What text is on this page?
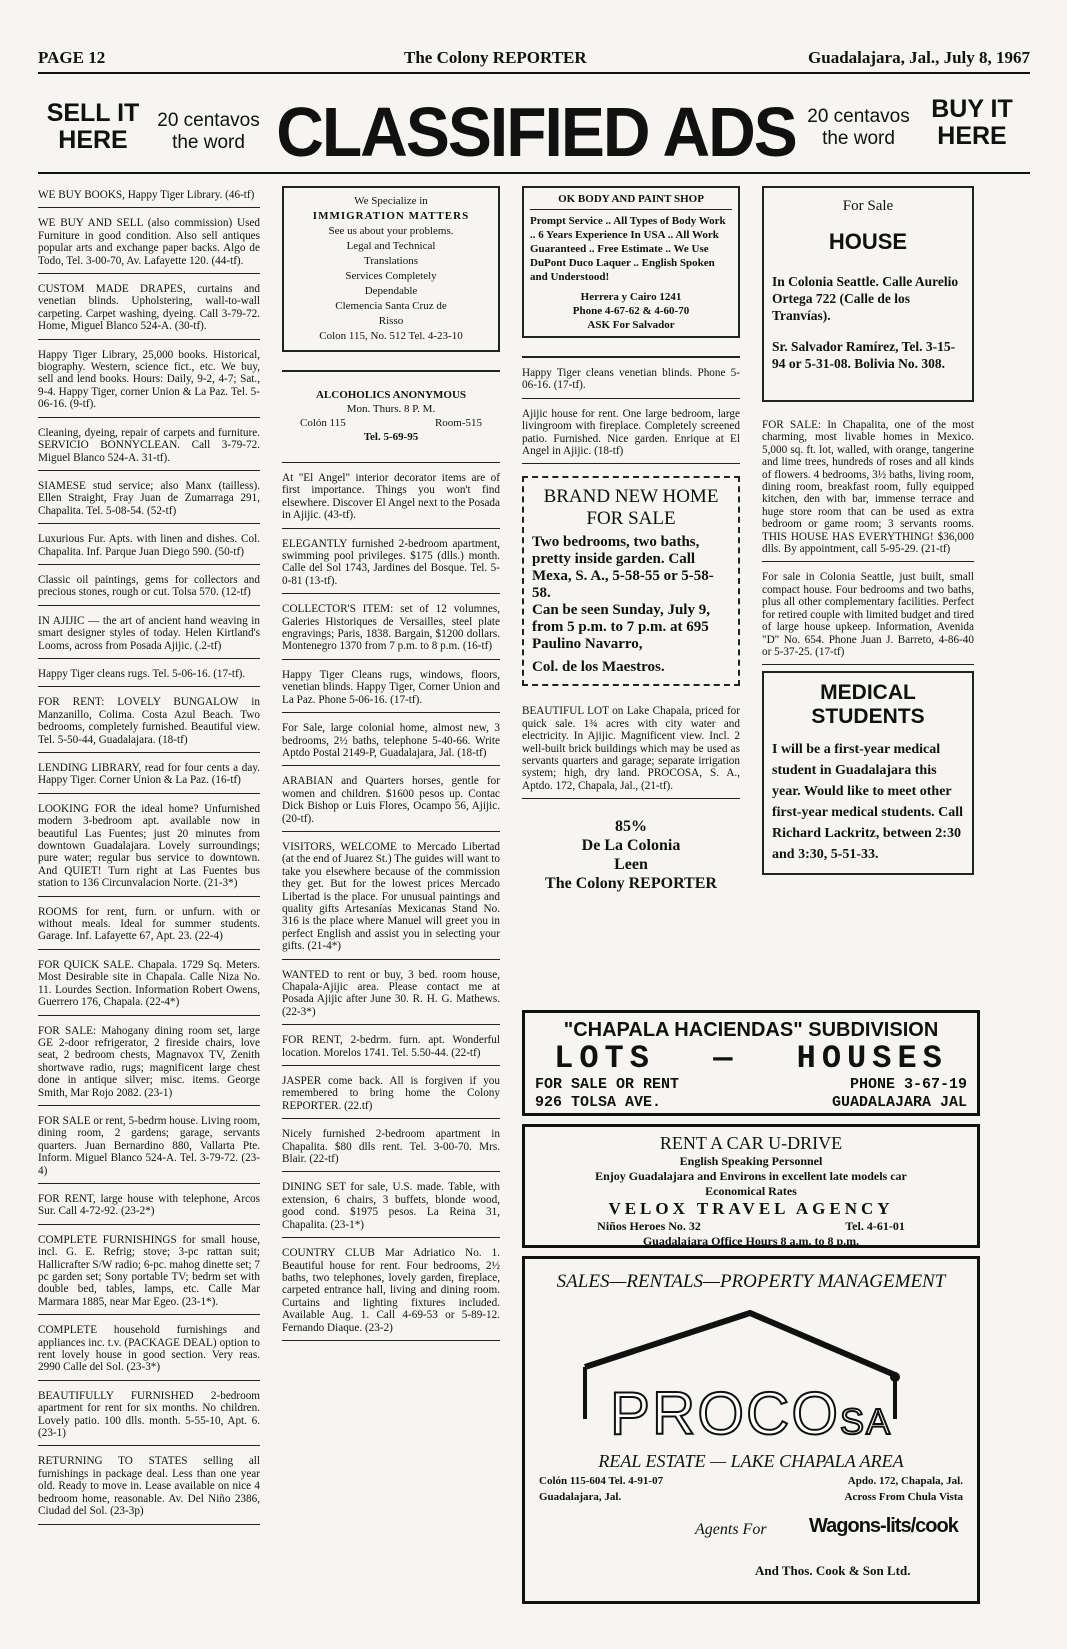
PAGE 12	The Colony REPORTER	Guadalajara, Jal., July 8, 1967
SELL IT
HERE
20 centavos
the word CLASSIFIED ADS 20 centavos
the word
BUY IT
HERE
WE BUY BOOKS, Happy Tiger Library. (46-tf)
WE BUY AND SELL (also commission) Used Furniture in good condition. Also sell antiques popular arts and exchange paper backs. Algo de Todo, Tel. 3-00-70, Av. Lafayette 120. (44-tf).
CUSTOM MADE DRAPES, curtains and venetian blinds. Upholstering, wall-to-wall carpeting. Carpet washing, dyeing. Call 3-79-72. Home, Miguel Blanco 524-A. (30-tf).
Happy Tiger Library, 25,000 books. Historical, biography. Western, science fict., etc. We buy, sell and lend books. Hours: Daily, 9-2, 4-7; Sat., 9-4. Happy Tiger, corner Union & La Paz. Tel. 5-06-16. (9-tf).
Cleaning, dyeing, repair of carpets and furniture. SERVICIO BONNYCLEAN. Call 3-79-72. Miguel Blanco 524-A. 31-tf).
SIAMESE stud service; also Manx (tailless). Ellen Straight, Fray Juan de Zumarraga 291, Chapalita. Tel. 5-08-54. (52-tf)
Luxurious Fur. Apts. with linen and dishes. Col. Chapalita. Inf. Parque Juan Diego 590. (50-tf)
Classic oil paintings, gems for collectors and precious stones, rough or cut. Tolsa 570. (12-tf)
IN AJIJIC — the art of ancient hand weaving in smart designer styles of today. Helen Kirtland's Looms, across from Posada Ajijic. (.2-tf)
Happy Tiger cleans rugs. Tel. 5-06-16. (17-tf).
FOR RENT: LOVELY BUNGALOW in Manzanillo, Colima. Costa Azul Beach. Two bedrooms, completely furnished. Beautiful view. Tel. 5-50-44, Guadalajara. (18-tf)
LENDING LIBRARY, read for four cents a day. Happy Tiger. Corner Union & La Paz. (16-tf)
LOOKING FOR the ideal home? Unfurnished modern 3-bedroom apt. available now in beautiful Las Fuentes; just 20 minutes from downtown Guadalajara. Lovely surroundings; pure water; regular bus service to downtown. And QUIET! Turn right at Las Fuentes bus station to 136 Circunvalacion Norte. (21-3*)
ROOMS for rent, furn. or unfurn. with or without meals. Ideal for summer students. Garage. Inf. Lafayette 67, Apt. 23. (22-4)
FOR QUICK SALE. Chapala. 1729 Sq. Meters. Most Desirable site in Chapala. Calle Niza No. 11. Lourdes Section. Information Robert Owens, Guerrero 176, Chapala. (22-4*)
FOR SALE: Mahogany dining room set, large GE 2-door refrigerator, 2 fireside chairs, love seat, 2 bedroom chests, Magnavox TV, Zenith shortwave radio, rugs; magnificent large chest done in antique silver; misc. items. George Smith, Mar Rojo 2082. (23-1)
FOR SALE or rent, 5-bedrm house. Living room, dining room, 2 gardens; garage, servants quarters. Juan Bernardino 880, Vallarta Pte. Inform. Miguel Blanco 524-A. Tel. 3-79-72. (23-4)
FOR RENT, large house with telephone, Arcos Sur. Call 4-72-92. (23-2*)
COMPLETE FURNISHINGS for small house, incl. G. E. Refrig; stove; 3-pc rattan suit; Hallicrafter S/W radio; 6-pc. mahog dinette set; 7 pc garden set; Sony portable TV; bedrm set with double bed, tables, lamps, etc. Calle Mar Marmara 1885, near Mar Egeo. (23-1*).
COMPLETE household furnishings and appliances inc. t.v. (PACKAGE DEAL) option to rent lovely house in good section. Very reas. 2990 Calle del Sol. (23-3*)
BEAUTIFULLY FURNISHED 2-bedroom apartment for rent for six months. No children. Lovely patio. 100 dlls. month. 5-55-10, Apt. 6. (23-1)
RETURNING TO STATES selling all furnishings in package deal. Less than one year old. Ready to move in. Lease available on nice 4 bedroom home, reasonable. Av. Del Niño 2386, Ciudad del Sol. (23-3p)
We Specialize in
IMMIGRATION MATTERS
See us about your problems.
Legal and Technical
Translations
Services Completely
Dependable
Clemencia Santa Cruz de
Risso
Colon 115, No. 512 Tel. 4-23-10
ALCOHOLICS ANONYMOUS
Mon. Thurs. 8 P. M.
Colón 115	Room-515
Tel. 5-69-95
At "El Angel" interior decorator items are of first importance. Things you won't find elsewhere. Discover El Angel next to the Posada in Ajijic. (43-tf).
ELEGANTLY furnished 2-bedroom apartment, swimming pool privileges. $175 (dlls.) month. Calle del Sol 1743, Jardines del Bosque. Tel. 5-0-81 (13-tf).
COLLECTOR'S ITEM: set of 12 volumnes, Galeries Historiques de Versailles, steel plate engravings; Paris, 1838. Bargain, $1200 dollars. Montenegro 1370 from 7 p.m. to 8 p.m. (16-tf)
Happy Tiger Cleans rugs, windows, floors, venetian blinds. Happy Tiger, Corner Union and La Paz. Phone 5-06-16. (17-tf).
For Sale, large colonial home, almost new, 3 bedrooms, 2½ baths, telephone 5-40-66. Write Aptdo Postal 2149-P, Guadalajara, Jal. (18-tf)
ARABIAN and Quarters horses, gentle for women and children. $1600 pesos up. Contac Dick Bishop or Luis Flores, Ocampo 56, Ajijic. (20-tf).
VISITORS, WELCOME to Mercado Libertad (at the end of Juarez St.) The guides will want to take you elsewhere because of the commission they get. But for the lowest prices Mercado Libertad is the place. For unusual paintings and quality gifts Artesanías Mexicanas Stand No. 316 is the place where Manuel will greet you in perfect English and assist you in selecting your gifts. (21-4*)
WANTED to rent or buy, 3 bed. room house, Chapala-Ajijic area. Please contact me at Posada Ajijic after June 30. R. H. G. Mathews. (22-3*)
FOR RENT, 2-bedrm. furn. apt. Wonderful location. Morelos 1741. Tel. 5.50-44. (22-tf)
JASPER come back. All is forgiven if you remembered to bring home the Colony REPORTER. (22.tf)
Nicely furnished 2-bedroom apartment in Chapalita. $80 dlls rent. Tel. 3-00-70. Mrs. Blair. (22-tf)
DINING SET for sale, U.S. made. Table, with extension, 6 chairs, 3 buffets, blonde wood, good cond. $1975 pesos. La Reina 31, Chapalita. (23-1*)
COUNTRY CLUB Mar Adriatico No. 1. Beautiful house for rent. Four bedrooms, 2½ baths, two telephones, lovely garden, fireplace, carpeted entrance hall, living and dining room. Curtains and lighting fixtures included. Available Aug. 1. Call 4-69-53 or 5-89-12. Fernando Diaque. (23-2)
OK BODY AND PAINT SHOP
Prompt Service .. All Types of Body Work .. 6 Years Experience In USA .. All Work Guaranteed .. Free Estimate .. We Use DuPont Duco Laquer .. English Spoken and Understood!
Herrera y Cairo 1241
Phone 4-67-62 & 4-60-70
ASK For Salvador
Happy Tiger cleans venetian blinds. Phone 5-06-16. (17-tf).
Ajijic house for rent. One large bedroom, large livingroom with fireplace. Completely screened patio. Furnished. Nice garden. Enrique at El Angel in Ajijic. (18-tf)
BRAND NEW HOME
FOR SALE
Two bedrooms, two baths, pretty inside garden. Call Mexa, S. A., 5-58-55 or 5-58-58.
Can be seen Sunday, July 9, from 5 p.m. to 7 p.m. at 695 Paulino Navarro,
Col. de los Maestros.
BEAUTIFUL LOT on Lake Chapala, priced for quick sale. 1¾ acres with city water and electricity. In Ajijic. Magnificent view. Incl. 2 well-built brick buildings which may be used as servants quarters and garage; separate irrigation system; high, dry land. PROCOSA, S. A., Aptdo. 172, Chapala, Jal., (21-tf).
85%
De La Colonia
Leen
The Colony REPORTER
For Sale
HOUSE
In Colonia Seattle. Calle Aurelio Ortega 722 (Calle de los Tranvías).
Sr. Salvador Ramírez, Tel. 3-15-94 or 5-31-08. Bolivia No. 308.
FOR SALE: In Chapalita, one of the most charming, most livable homes in Mexico. 5,000 sq. ft. lot, walled, with orange, tangerine and lime trees, hundreds of roses and all kinds of flowers. 4 bedrooms, 3½ baths, living room, dining room, breakfast room, fully equipped kitchen, den with bar, immense terrace and huge store room that can be used as extra bedroom or game room; 3 servants rooms. THIS HOUSE HAS EVERYTHING! $36,000 dlls. By appointment, call 5-95-29. (21-tf)
For sale in Colonia Seattle, just built, small compact house. Four bedrooms and two baths, plus all other complementary facilities. Perfect for retired couple with limited budget and tired of large house upkeep. Information, Avenida "D" No. 654. Phone Juan J. Barreto, 4-86-40 or 5-37-25. (17-tf)
MEDICAL
STUDENTS
I will be a first-year medical student in Guadalajara this year. Would like to meet other first-year medical students. Call Richard Lackritz, between 2:30 and 3:30, 5-51-33.
"CHAPALA HACIENDAS" SUBDIVISION
LOTS — HOUSES
FOR SALE OR RENT	PHONE 3-67-19
926 TOLSA AVE.	GUADALAJARA JAL
RENT A CAR U-DRIVE
English Speaking Personnel
Enjoy Guadalajara and Environs in excellent late models car
Economical Rates
VELOX TRAVEL AGENCY
Niños Heroes No. 32	Tel. 4-61-01
Guadalajara Office Hours 8 a.m. to 8 p.m.
SALES—RENTALS—PROPERTY MANAGEMENT
PROCOSA
REAL ESTATE — LAKE CHAPALA AREA
Colón 115-604 Tel. 4-91-07	Apdo. 172, Chapala, Jal.
Guadalajara, Jal.	Across From Chula Vista
Agents For Wagons-lits/cook
And Thos. Cook & Son Ltd.
